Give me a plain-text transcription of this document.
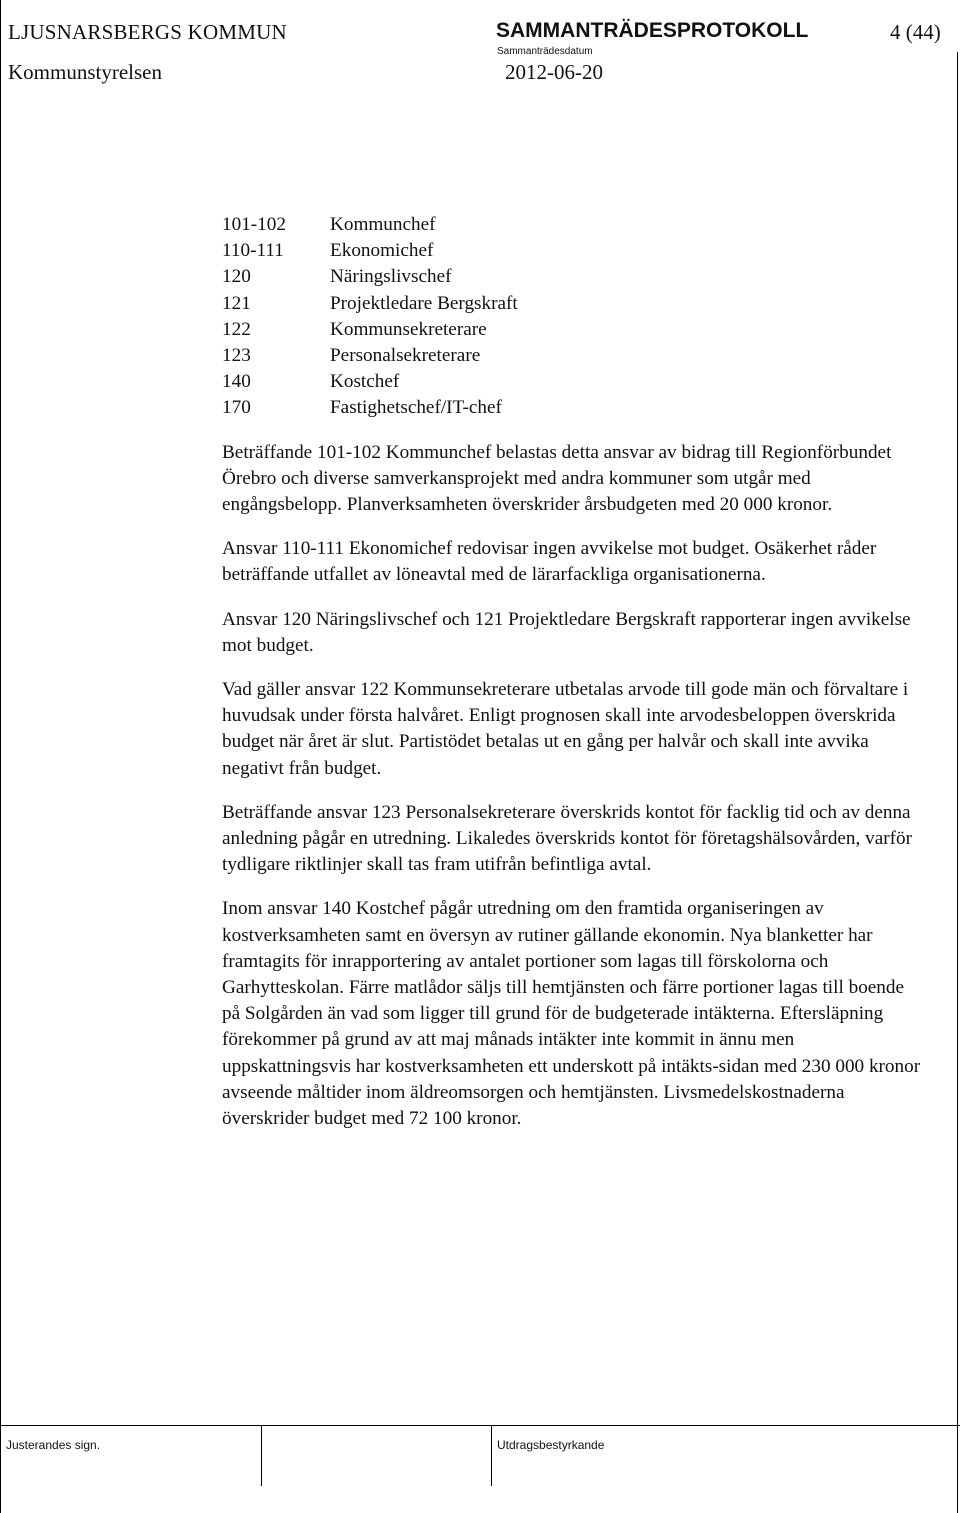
LJUSNARSBERGS KOMMUN	SAMMANTRÄDESPROTOKOLL	4 (44)
Sammanträdesdatum
Kommunstyrelsen	2012-06-20
101-102	Kommunchef
110-111	Ekonomichef
120	Näringslivschef
121	Projektledare Bergskraft
122	Kommunsekreterare
123	Personalsekreterare
140	Kostchef
170	Fastighetschef/IT-chef

Beträffande 101-102 Kommunchef belastas detta ansvar av bidrag till Regionförbundet Örebro och diverse samverkansprojekt med andra kommuner som utgår med engångsbelopp. Planverksamheten överskrider årsbudgeten med 20 000 kronor.

Ansvar 110-111 Ekonomichef redovisar ingen avvikelse mot budget. Osäkerhet råder beträffande utfallet av löneavtal med de lärarfackliga organisationerna.

Ansvar 120 Näringslivschef och 121 Projektledare Bergskraft rapporterar ingen avvikelse mot budget.

Vad gäller ansvar 122 Kommunsekreterare utbetalas arvode till gode män och förvaltare i huvudsak under första halvåret. Enligt prognosen skall inte arvodesbeloppen överskrida budget när året är slut. Partistödet betalas ut en gång per halvår och skall inte avvika negativt från budget.

Beträffande ansvar 123 Personalsekreterare överskrids kontot för facklig tid och av denna anledning pågår en utredning. Likaledes överskrids kontot för företagshälsovården, varför tydligare riktlinjer skall tas fram utifrån befintliga avtal.

Inom ansvar 140 Kostchef pågår utredning om den framtida organiseringen av kostverksamheten samt en översyn av rutiner gällande ekonomin. Nya blanketter har framtagits för inrapportering av antalet portioner som lagas till förskolorna och Garhytteskolan. Färre matlådor säljs till hemtjänsten och färre portioner lagas till boende på Solgården än vad som ligger till grund för de budgeterade intäkterna. Eftersläpning förekommer på grund av att maj månads intäkter inte kommit in ännu men uppskattningsvis har kostverksamheten ett underskott på intäkts-sidan med 230 000 kronor avseende måltider inom äldreomsorgen och hemtjänsten. Livsmedelskostnaderna överskrider budget med 72 100 kronor.

Justerandes sign.	Utdragsbestyrkande
